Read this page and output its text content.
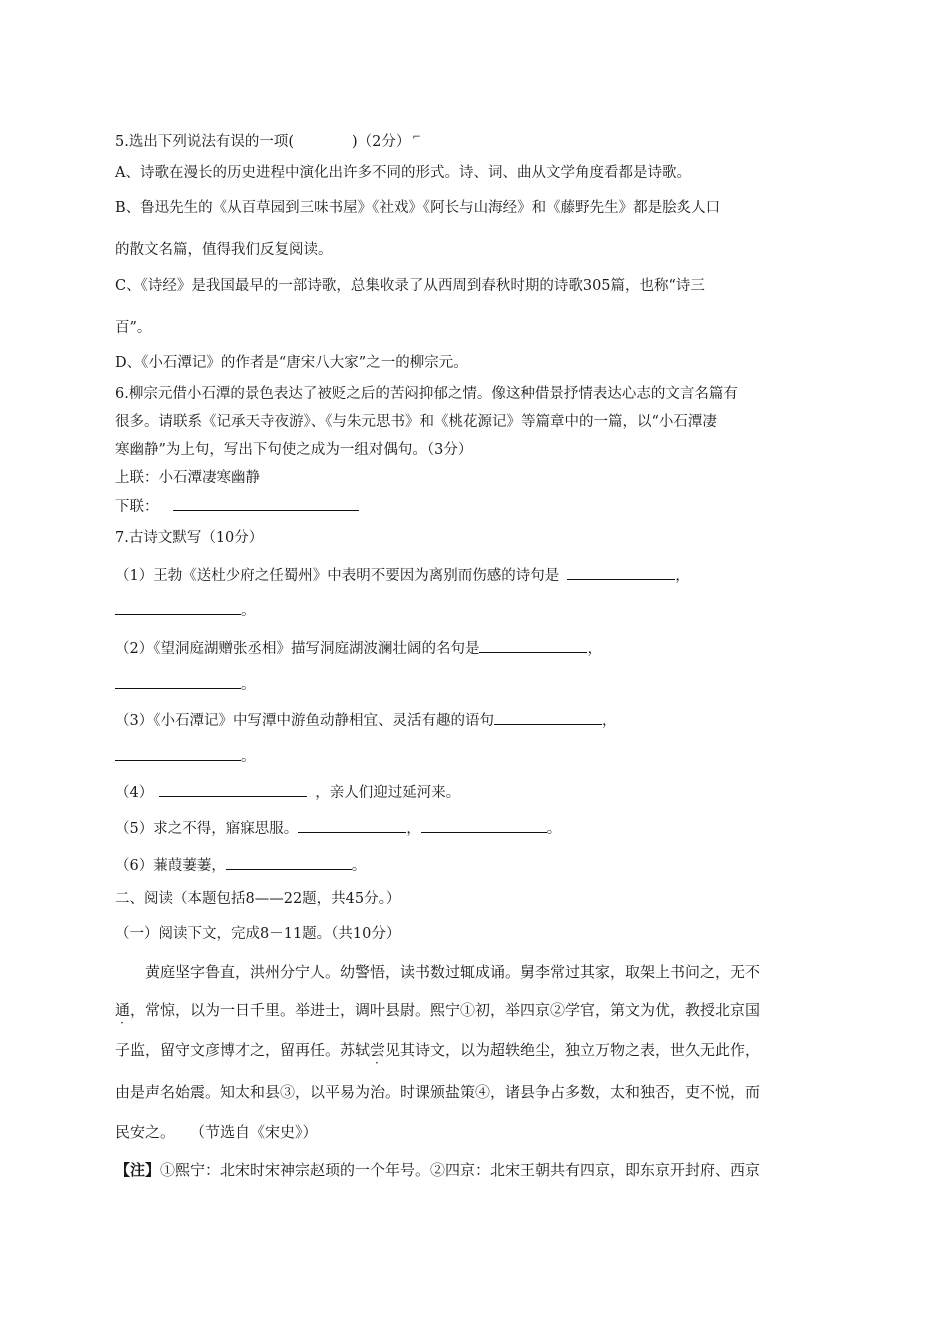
5.选出下列说法有误的一项(	)（2分） ⌐
A、诗歌在漫长的历史进程中演化出许多不同的形式。诗、词、曲从文学角度看都是诗歌。
B、鲁迅先生的《从百草园到三味书屋》《社戏》《阿长与山海经》和《藤野先生》都是脍炙人口
的散文名篇，值得我们反复阅读。
C、《诗经》是我国最早的一部诗歌，总集收录了从西周到春秋时期的诗歌305篇，也称“诗三
百”。
D、《小石潭记》的作者是“唐宋八大家”之一的柳宗元。
6.柳宗元借小石潭的景色表达了被贬之后的苦闷抑郁之情。像这种借景抒情表达心志的文言名篇有
很多。请联系《记承天寺夜游》、《与朱元思书》和《桃花源记》等篇章中的一篇，以“小石潭凄
寒幽静”为上句，写出下句使之成为一组对偶句。（3分）
上联：小石潭凄寒幽静
下联：
7.古诗文默写（10分）
（1）王勃《送杜少府之任蜀州》中表明不要因为离别而伤感的诗句是	，
。
（2）《望洞庭湖赠张丞相》描写洞庭湖波澜壮阔的名句是	，
。
（3）《小石潭记》中写潭中游鱼动静相宜、灵活有趣的语句	，
。
（4）	，亲人们迎过延河来。
（5）求之不得，寤寐思服。	，	。
（6）蒹葭萋萋，	。
二、阅读（本题包括8——22题，共45分。）
（一）阅读下文，完成8－11题。（共10分）
黄庭坚字鲁直，洪州分宁人。幼警悟，读书数过辄成诵。舅李常过其家，取架上书问之，无不
通，常惊，以为一日千里。举进士，调叶县尉。熙宁①初，举四京②学官，第文为优，教授北京国
子监，留守文彦博才之，留再任。苏轼尝见其诗文，以为超轶绝尘，独立万物之表，世久无此作，
由是声名始震。知太和县③，以平易为治。时课颁盐策④，诸县争占多数，太和独否，吏不悦，而
民安之。　　（节选自《宋史》）
【注】①熙宁：北宋时宋神宗赵顼的一个年号。②四京：北宋王朝共有四京，即东京开封府、西京
